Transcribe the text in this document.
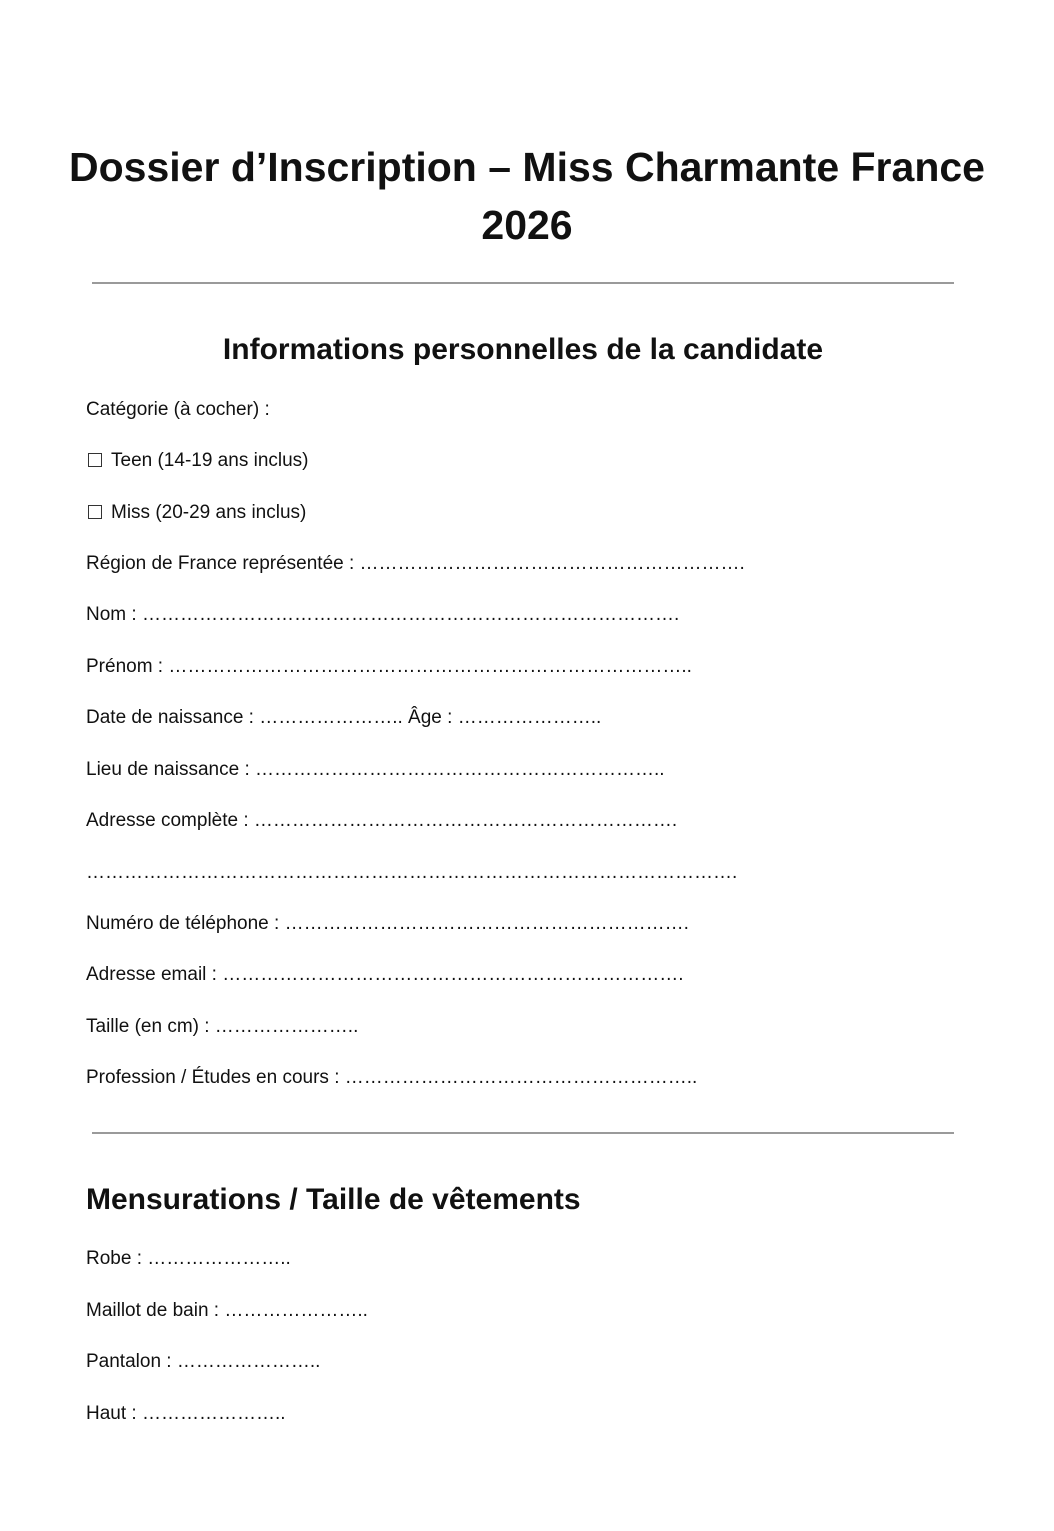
Dossier d’Inscription – Miss Charmante France 2026
Informations personnelles de la candidate
Catégorie (à cocher) :
Teen (14-19 ans inclus)
Miss (20-29 ans inclus)
Région de France représentée : …………………………………………………….
Nom : ………………………………………………………………………….
Prénom : ………………………………………………………………………..
Date de naissance : ………………….. Âge : …………………..
Lieu de naissance : ………………………………………………………..
Adresse complète : ………………………………………………………….
………………………………………………………………………………………….
Numéro de téléphone : ……………………………………………………….
Adresse email : ……………………………………………………………….
Taille (en cm) : …………………..
Profession / Études en cours : ………………………………………………..
Mensurations / Taille de vêtements
Robe : …………………..
Maillot de bain : …………………..
Pantalon : …………………..
Haut : …………………..
